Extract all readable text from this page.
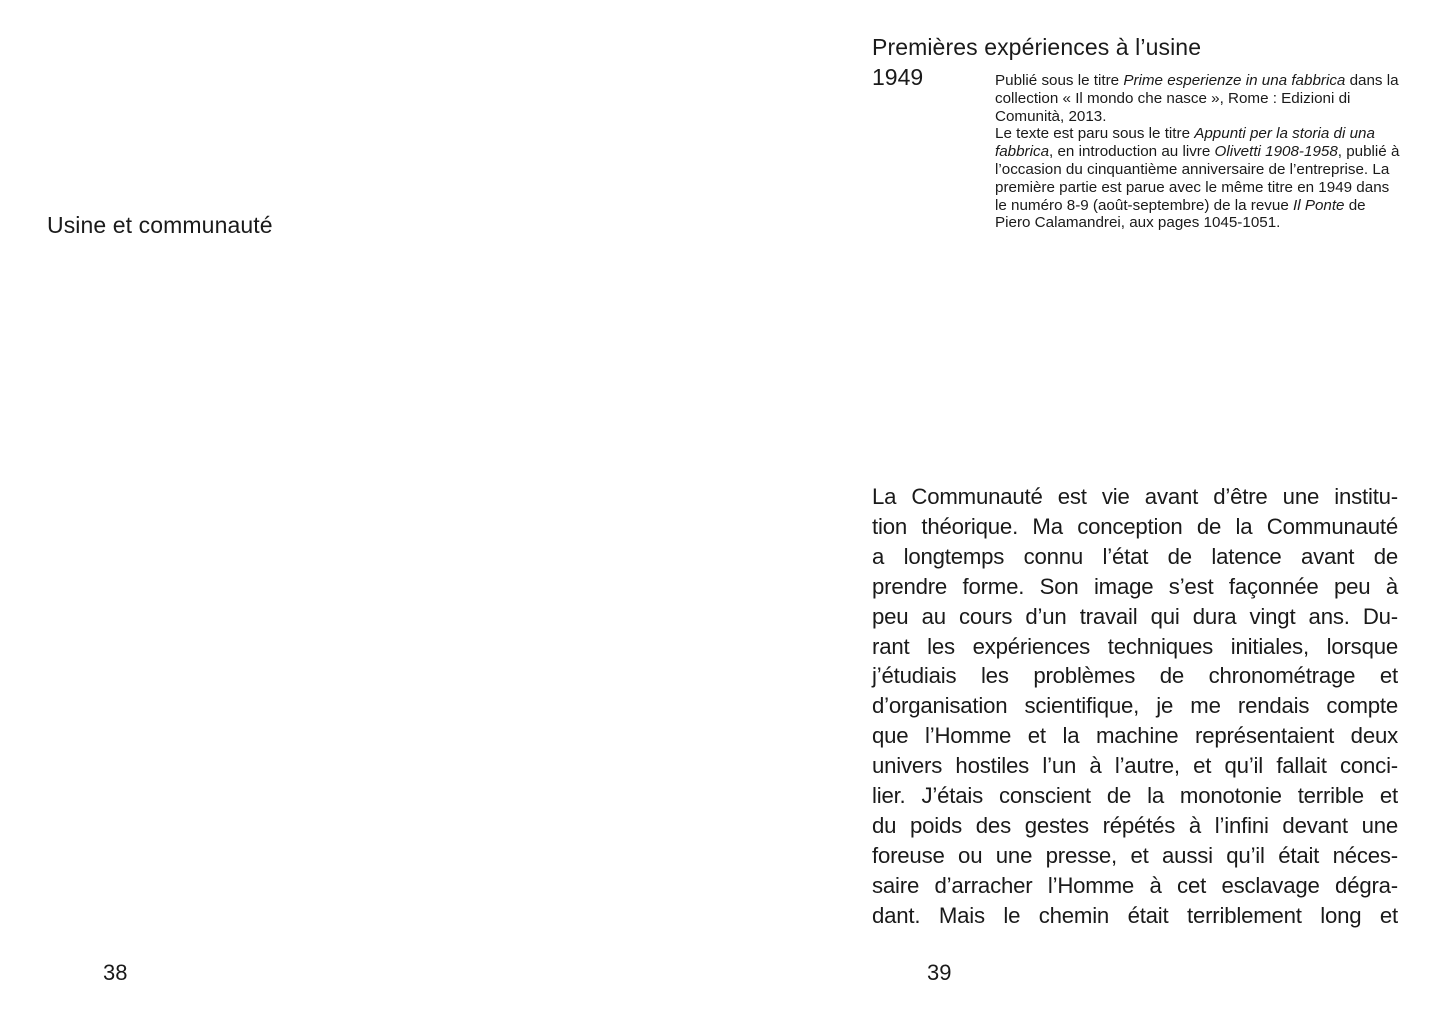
Usine et communauté
38
Premières expériences à l’usine
1949	Publié sous le titre Prime esperienze in una fabbrica dans la collection « Il mondo che nasce », Rome : Edizioni di Comunità, 2013.

Le texte est paru sous le titre Appunti per la storia di una fabbrica, en introduction au livre Olivetti 1908-1958, publié à l’occasion du cinquantième anniversaire de l’entreprise. La première partie est parue avec le même titre en 1949 dans le numéro 8-9 (août-septembre) de la revue Il Ponte de Piero Calamandrei, aux pages 1045-1051.

La Communauté est vie avant d’être une institu-
tion théorique. Ma conception de la Communauté
a longtemps connu l’état de latence avant de
prendre forme. Son image s’est façonnée peu à
peu au cours d’un travail qui dura vingt ans. Du-
rant les expériences techniques initiales, lorsque
j’étudiais les problèmes de chronométrage et
d’organisation scientifique, je me rendais compte
que l’Homme et la machine représentaient deux
univers hostiles l’un à l’autre, et qu’il fallait conci-
lier. J’étais conscient de la monotonie terrible et
du poids des gestes répétés à l’infini devant une
foreuse ou une presse, et aussi qu’il était néces-
saire d’arracher l’Homme à cet esclavage dégra-
dant. Mais le chemin était terriblement long et
39
